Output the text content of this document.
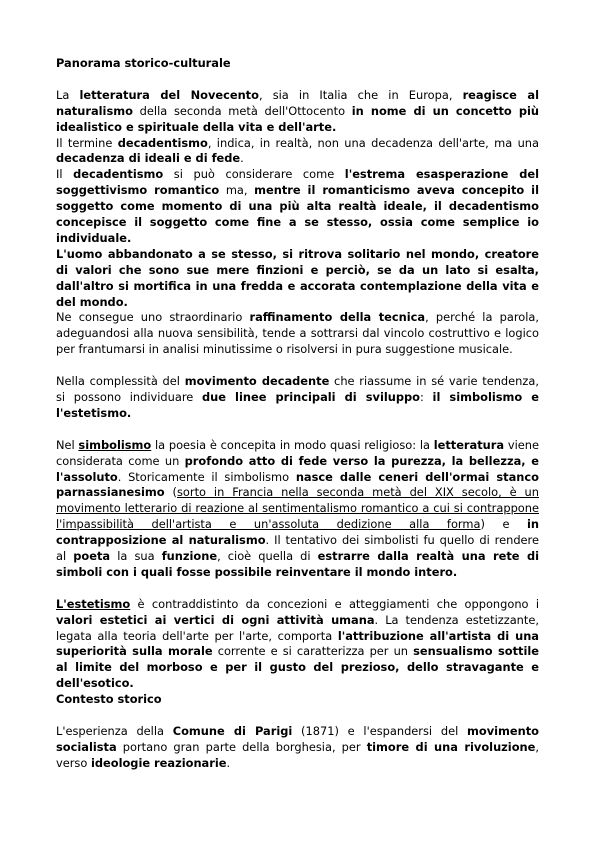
Panorama storico-culturale

La letteratura del Novecento, sia in Italia che in Europa, reagisce al naturalismo della seconda metà dell'Ottocento in nome di un concetto più idealistico e spirituale della vita e dell'arte.

Il termine decadentismo, indica, in realtà, non una decadenza dell'arte, ma una decadenza di ideali e di fede.

Il decadentismo si può considerare come l'estrema esasperazione del soggettivismo romantico ma, mentre il romanticismo aveva concepito il soggetto come momento di una più alta realtà ideale, il decadentismo concepisce il soggetto come fine a se stesso, ossia come semplice io individuale.

L'uomo abbandonato a se stesso, si ritrova solitario nel mondo, creatore di valori che sono sue mere finzioni e perciò, se da un lato si esalta, dall'altro si mortifica in una fredda e accorata contemplazione della vita e del mondo.

Ne consegue uno straordinario raffinamento della tecnica, perché la parola, adeguandosi alla nuova sensibilità, tende a sottrarsi dal vincolo costruttivo e logico per frantumarsi in analisi minutissime o risolversi in pura suggestione musicale.

Nella complessità del movimento decadente che riassume in sé varie tendenza, si possono individuare due linee principali di sviluppo: il simbolismo e l'estetismo.

Nel simbolismo la poesia è concepita in modo quasi religioso: la letteratura viene considerata come un profondo atto di fede verso la purezza, la bellezza, e l'assoluto. Storicamente il simbolismo nasce dalle ceneri dell'ormai stanco parnassianesimo (sorto in Francia nella seconda metà del XIX secolo, è un movimento letterario di reazione al sentimentalismo romantico a cui si contrappone l'impassibilità dell'artista e un'assoluta dedizione alla forma) e in contrapposizione al naturalismo. Il tentativo dei simbolisti fu quello di rendere al poeta la sua funzione, cioè quella di estrarre dalla realtà una rete di simboli con i quali fosse possibile reinventare il mondo intero.

L'estetismo è contraddistinto da concezioni e atteggiamenti che oppongono i valori estetici ai vertici di ogni attività umana. La tendenza estetizzante, legata alla teoria dell'arte per l'arte, comporta l'attribuzione all'artista di una superiorità sulla morale corrente e si caratterizza per un sensualismo sottile al limite del morboso e per il gusto del prezioso, dello stravagante e dell'esotico.

Contesto storico

L'esperienza della Comune di Parigi (1871) e l'espandersi del movimento socialista portano gran parte della borghesia, per timore di una rivoluzione, verso ideologie reazionarie.
